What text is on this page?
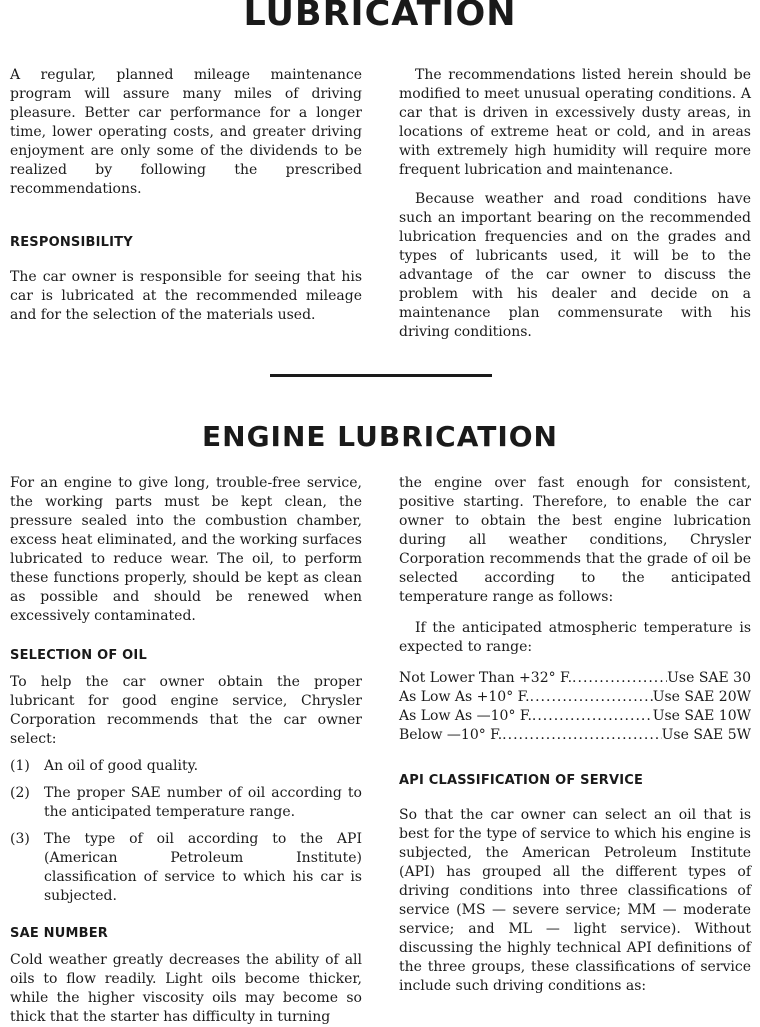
LUBRICATION

A regular, planned mileage maintenance program will assure many miles of driving pleasure. Better car performance for a longer time, lower operating costs, and greater driving enjoyment are only some of the dividends to be realized by following the prescribed recommendations.

RESPONSIBILITY

The car owner is responsible for seeing that his car is lubricated at the recommended mileage and for the selection of the materials used.

The recommendations listed herein should be modified to meet unusual operating conditions. A car that is driven in excessively dusty areas, in locations of extreme heat or cold, and in areas with extremely high humidity will require more frequent lubrication and maintenance.

Because weather and road conditions have such an important bearing on the recommended lubrication frequencies and on the grades and types of lubricants used, it will be to the advantage of the car owner to discuss the problem with his dealer and decide on a maintenance plan commensurate with his driving conditions.

ENGINE LUBRICATION

For an engine to give long, trouble-free service, the working parts must be kept clean, the pressure sealed into the combustion chamber, excess heat eliminated, and the working surfaces lubricated to reduce wear. The oil, to perform these functions properly, should be kept as clean as possible and should be renewed when excessively contaminated.

SELECTION OF OIL

To help the car owner obtain the proper lubricant for good engine service, Chrysler Corporation recommends that the car owner select:

(1)	An oil of good quality.
(2)	The proper SAE number of oil according to the anticipated temperature range.
(3)	The type of oil according to the API (American Petroleum Institute) classification of service to which his car is subjected.
SAE NUMBER

Cold weather greatly decreases the ability of all oils to flow readily. Light oils become thicker, while the higher viscosity oils may become so thick that the starter has difficulty in turning

the engine over fast enough for consistent, positive starting. Therefore, to enable the car owner to obtain the best engine lubrication during all weather conditions, Chrysler Corporation recommends that the grade of oil be selected according to the anticipated temperature range as follows:

If the anticipated atmospheric temperature is expected to range:

Not Lower Than +32° F. .....	Use SAE 30
As Low As +10° F. .....	Use SAE 20W
As Low As —10° F. .....	Use SAE 10W
Below —10° F. .....	Use SAE 5W
API CLASSIFICATION OF SERVICE

So that the car owner can select an oil that is best for the type of service to which his engine is subjected, the American Petroleum Institute (API) has grouped all the different types of driving conditions into three classifications of service (MS — severe service; MM — moderate service; and ML — light service). Without discussing the highly technical API definitions of the three groups, these classifications of service include such driving conditions as:
